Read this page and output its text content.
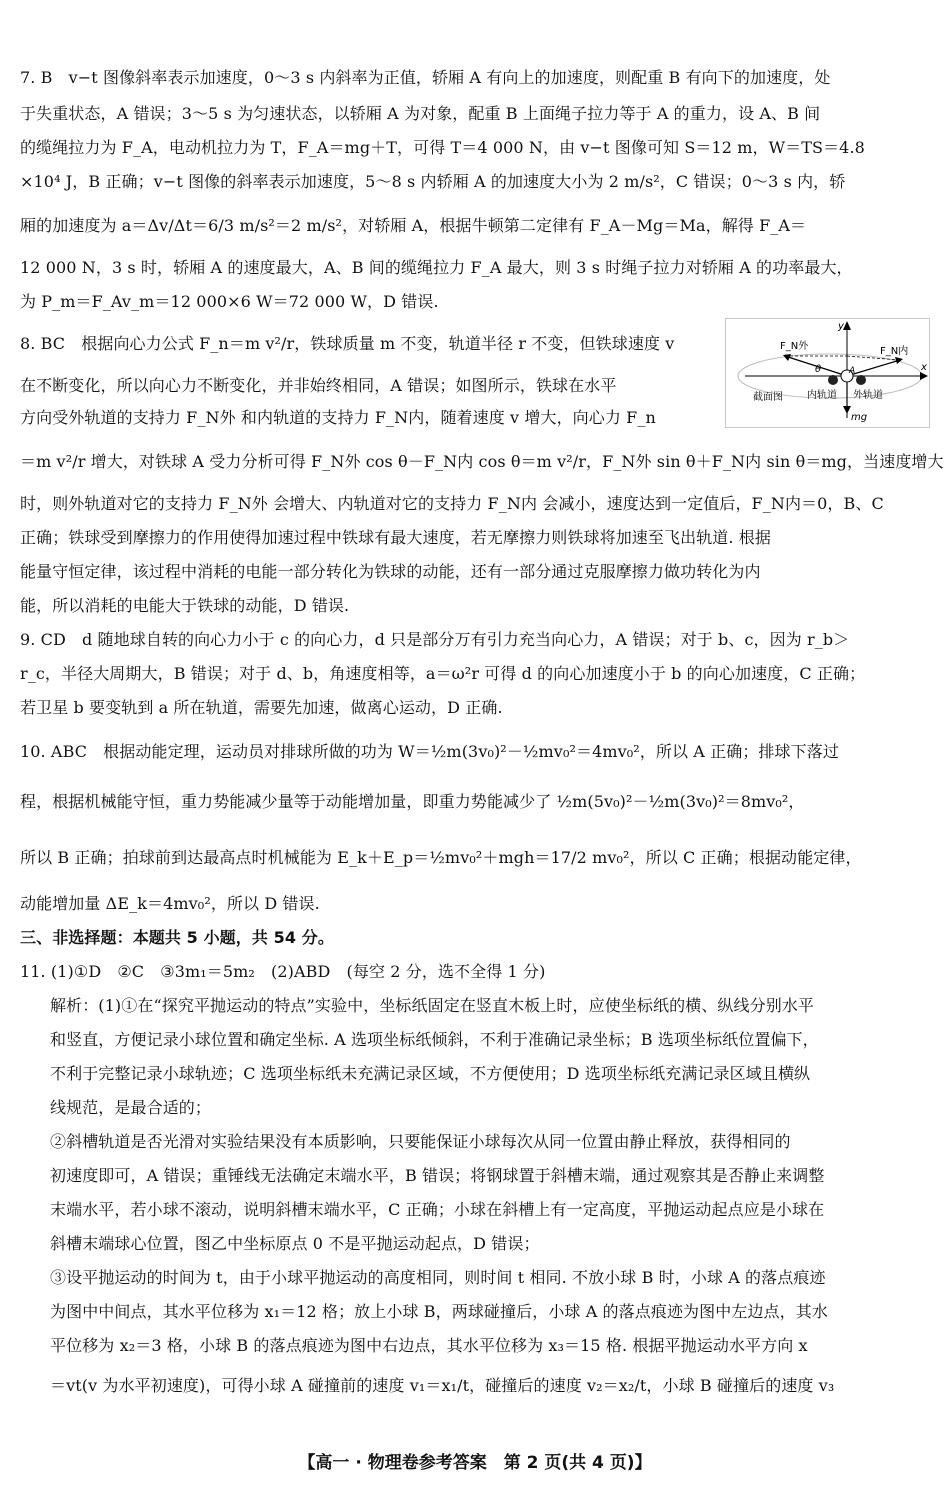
7. B　v−t 图像斜率表示加速度，0～3 s 内斜率为正值，轿厢 A 有向上的加速度，则配重 B 有向下的加速度，处
于失重状态，A 错误；3～5 s 为匀速状态，以轿厢 A 为对象，配重 B 上面绳子拉力等于 A 的重力，设 A、B 间
的缆绳拉力为 F_A，电动机拉力为 T，F_A＝mg＋T，可得 T＝4 000 N，由 v−t 图像可知 S＝12 m，W＝TS＝4.8
×10⁴ J，B 正确；v−t 图像的斜率表示加速度，5～8 s 内轿厢 A 的加速度大小为 2 m/s²，C 错误；0～3 s 内，轿
厢的加速度为 a＝Δv/Δt＝6/3 m/s²＝2 m/s²，对轿厢 A，根据牛顿第二定律有 F_A－Mg＝Ma，解得 F_A＝
12 000 N，3 s 时，轿厢 A 的速度最大，A、B 间的缆绳拉力 F_A 最大，则 3 s 时绳子拉力对轿厢 A 的功率最大，
为 P_m＝F_Av_m＝12 000×6 W＝72 000 W，D 错误.
8. BC　根据向心力公式 F_n＝m v²/r，铁球质量 m 不变，轨道半径 r 不变，但铁球速度 v
在不断变化，所以向心力不断变化，并非始终相同，A 错误；如图所示，铁球在水平
方向受外轨道的支持力 F_N外 和内轨道的支持力 F_N内，随着速度 v 增大，向心力 F_n
＝m v²/r 增大，对铁球 A 受力分析可得 F_N外 cos θ－F_N内 cos θ＝m v²/r，F_N外 sin θ＋F_N内 sin θ＝mg，当速度增大
时，则外轨道对它的支持力 F_N外 会增大、内轨道对它的支持力 F_N内 会减小，速度达到一定值后，F_N内＝0，B、C
正确；铁球受到摩擦力的作用使得加速过程中铁球有最大速度，若无摩擦力则铁球将加速至飞出轨道. 根据
能量守恒定律，该过程中消耗的电能一部分转化为铁球的动能，还有一部分通过克服摩擦力做功转化为内
能，所以消耗的电能大于铁球的动能，D 错误.
9. CD　d 随地球自转的向心力小于 c 的向心力，d 只是部分万有引力充当向心力，A 错误；对于 b、c，因为 r_b＞
r_c，半径大周期大，B 错误；对于 d、b，角速度相等，a＝ω²r 可得 d 的向心加速度小于 b 的向心加速度，C 正确；
若卫星 b 要变轨到 a 所在轨道，需要先加速，做离心运动，D 正确.
10. ABC　根据动能定理，运动员对排球所做的功为 W＝½m(3v₀)²－½mv₀²＝4mv₀²，所以 A 正确；排球下落过
程，根据机械能守恒，重力势能减少量等于动能增加量，即重力势能减少了 ½m(5v₀)²－½m(3v₀)²＝8mv₀²，
所以 B 正确；拍球前到达最高点时机械能为 E_k＋E_p＝½mv₀²＋mgh＝17/2 mv₀²，所以 C 正确；根据动能定律，
动能增加量 ΔE_k＝4mv₀²，所以 D 错误.
三、非选择题：本题共 5 小题，共 54 分。
11. (1)①D　②C　③3m₁＝5m₂　(2)ABD　(每空 2 分，选不全得 1 分)
解析：(1)①在“探究平抛运动的特点”实验中，坐标纸固定在竖直木板上时，应使坐标纸的横、纵线分别水平
和竖直，方便记录小球位置和确定坐标. A 选项坐标纸倾斜，不利于准确记录坐标；B 选项坐标纸位置偏下，
不利于完整记录小球轨迹；C 选项坐标纸未充满记录区域，不方便使用；D 选项坐标纸充满记录区域且横纵
线规范，是最合适的；
②斜槽轨道是否光滑对实验结果没有本质影响，只要能保证小球每次从同一位置由静止释放，获得相同的
初速度即可，A 错误；重锤线无法确定末端水平，B 错误；将钢球置于斜槽末端，通过观察其是否静止来调整
末端水平，若小球不滚动，说明斜槽末端水平，C 正确；小球在斜槽上有一定高度，平抛运动起点应是小球在
斜槽末端球心位置，图乙中坐标原点 0 不是平抛运动起点，D 错误；
③设平抛运动的时间为 t，由于小球平抛运动的高度相同，则时间 t 相同. 不放小球 B 时，小球 A 的落点痕迹
为图中中间点，其水平位移为 x₁＝12 格；放上小球 B，两球碰撞后，小球 A 的落点痕迹为图中左边点，其水
平位移为 x₂＝3 格，小球 B 的落点痕迹为图中右边点，其水平位移为 x₃＝15 格. 根据平抛运动水平方向 x
＝vt(v 为水平初速度)，可得小球 A 碰撞前的速度 v₁＝x₁/t，碰撞后的速度 v₂＝x₂/t，小球 B 碰撞后的速度 v₃
F_N外	F_N内
y
x
θ	A
截面图 内轨道 外轨道
mg
【高一 · 物理卷参考答案　第 2 页(共 4 页)】
